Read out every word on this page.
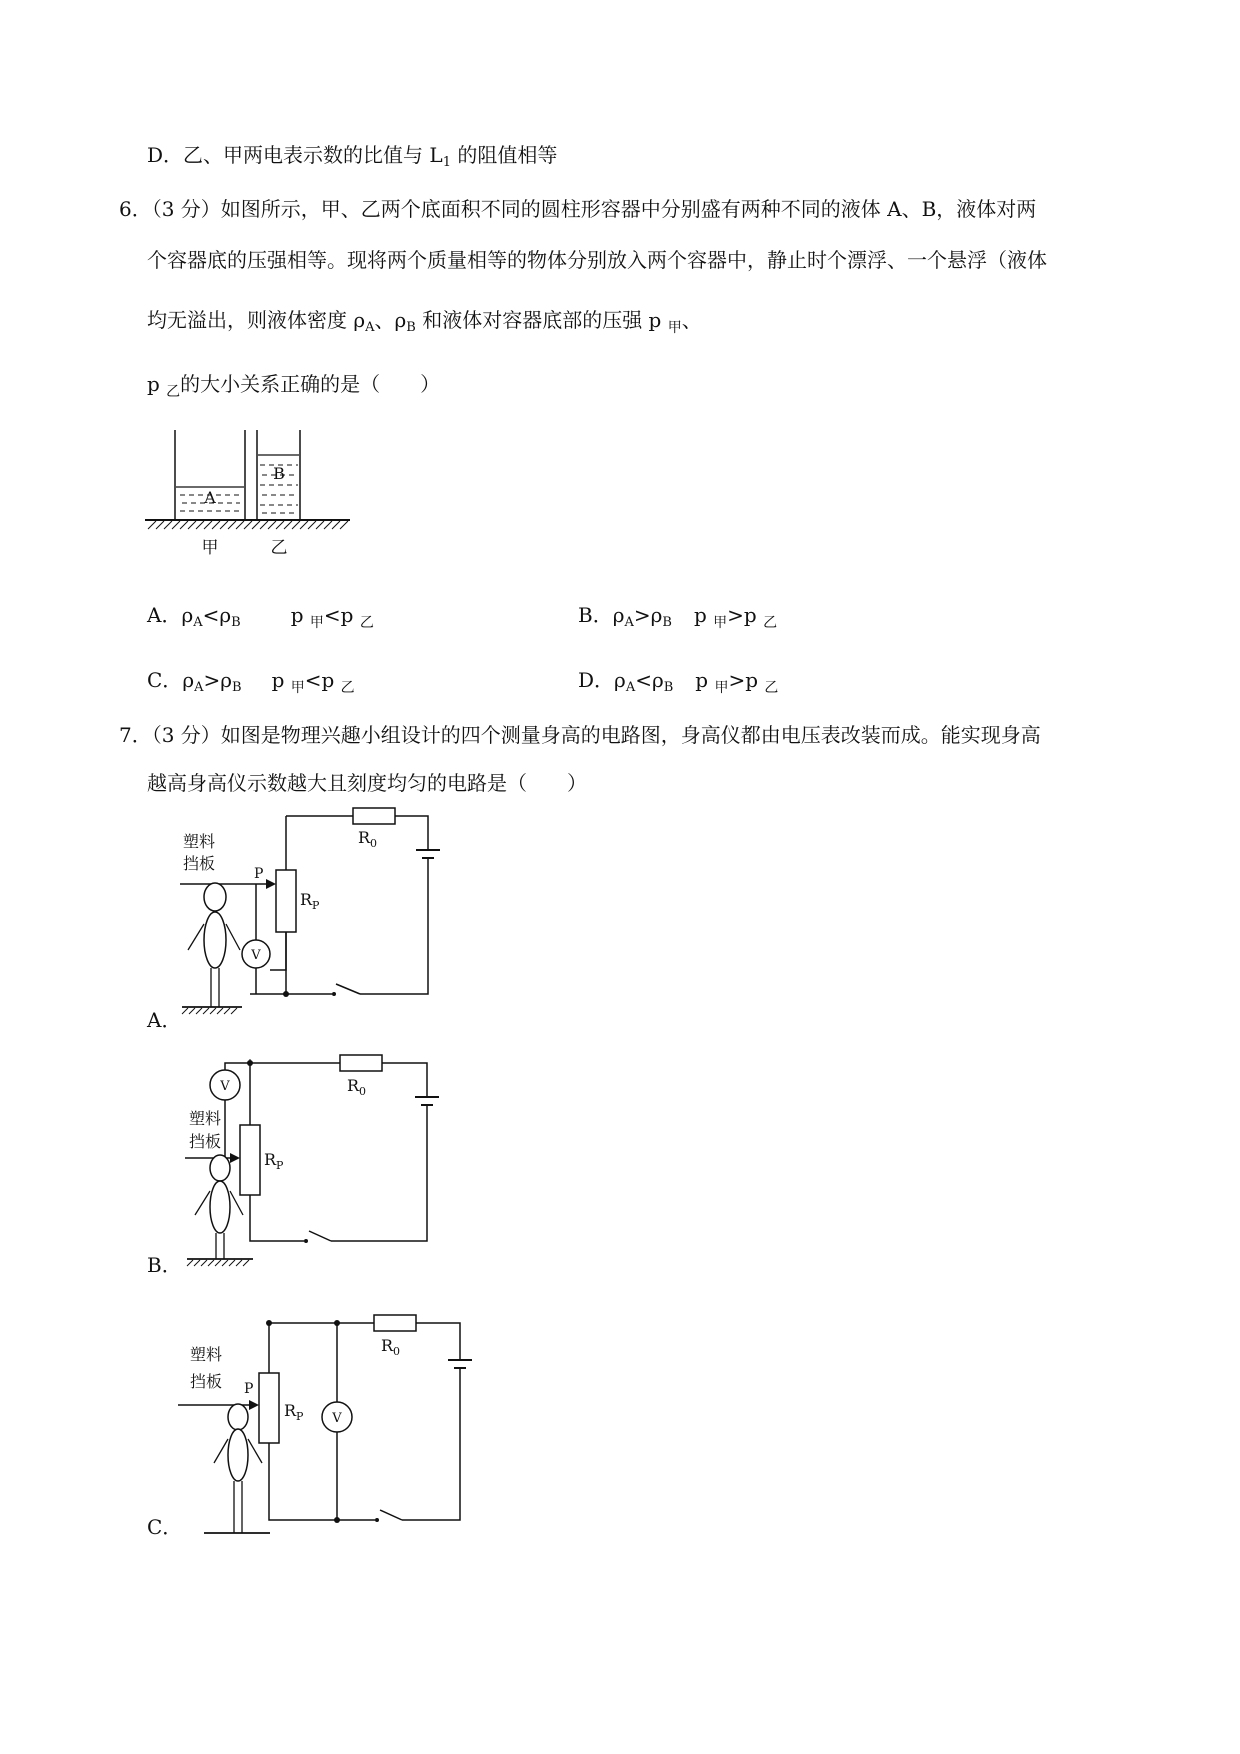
D．乙、甲两电表示数的比值与 $L_1$ 的阻值相等
6．（3 分）如图所示，甲、乙两个底面积不同的圆柱形容器中分别盛有两种不同的液体 A、B，液体对两
个容器底的压强相等。现将两个质量相等的物体分别放入两个容器中，静止时个漂浮、一个悬浮（液体
均无溢出，则液体密度 $\rho_A$、$\rho_B$ 和液体对容器底部的压强 p $_甲$、
p $_乙$的大小关系正确的是（　　）
A
B
甲	乙
A．$\rho_A<\rho_B$	p $_甲$<p $_乙$	B．$\rho_A>\rho_B$ p $_甲$>p $_乙$
C．$\rho_A>\rho_B$ p $_甲$<p $_乙$	D．$\rho_A<\rho_B$ p $_甲$>p $_乙$
7．（3 分）如图是物理兴趣小组设计的四个测量身高的电路图，身高仪都由电压表改装而成。能实现身高
越高身高仪示数越大且刻度均匀的电路是（　　）
塑料
挡板
P
$R_0$
$R_P$
V
A．
塑料
挡板
$R_0$
$R_P$
V
B．
塑料
挡板 P
$R_0$
$R_P$ V
C．
